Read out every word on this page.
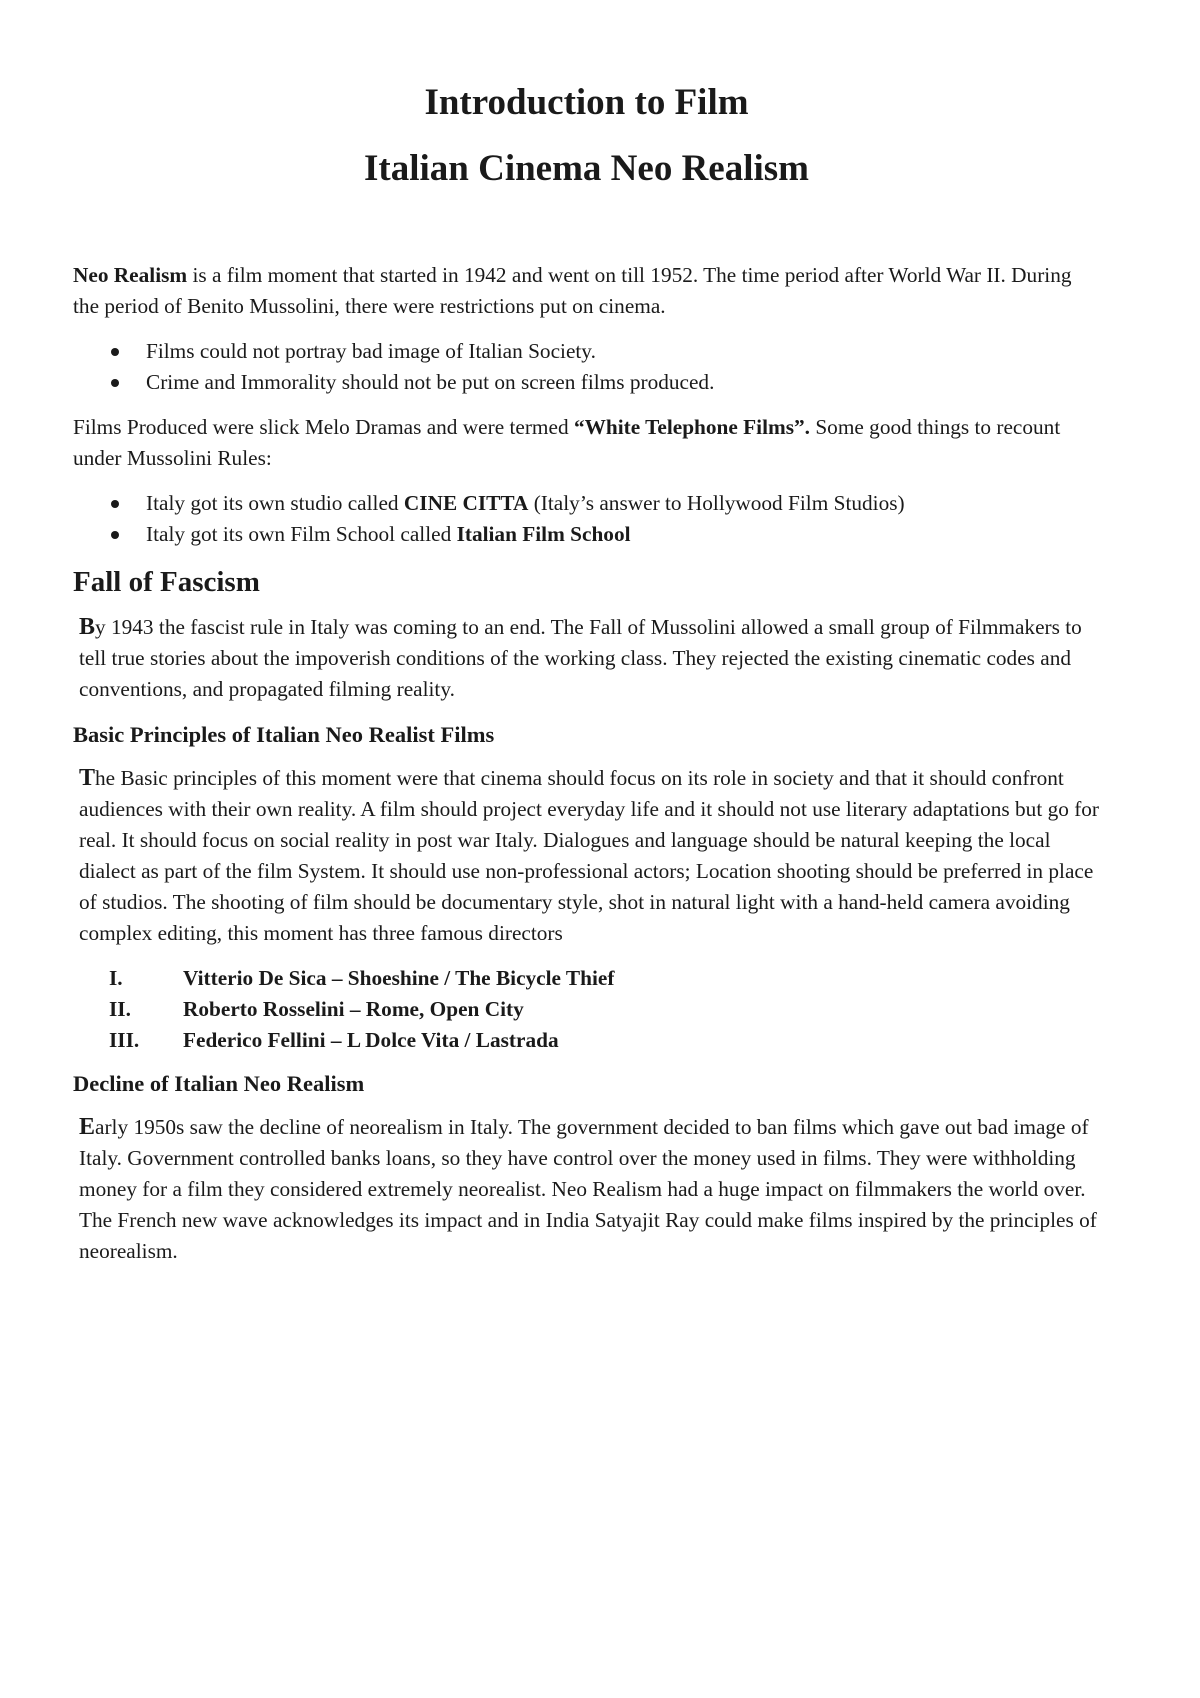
Introduction to Film
Italian Cinema Neo Realism

Neo Realism is a film moment that started in 1942 and went on till 1952. The time period after World War II. During the period of Benito Mussolini, there were restrictions put on cinema.

Films could not portray bad image of Italian Society.
Crime and Immorality should not be put on screen films produced.

Films Produced were slick Melo Dramas and were termed “White Telephone Films”. Some good things to recount under Mussolini Rules:

Italy got its own studio called CINE CITTA (Italy’s answer to Hollywood Film Studios)
Italy got its own Film School called Italian Film School
Fall of Fascism

By 1943 the fascist rule in Italy was coming to an end. The Fall of Mussolini allowed a small group of Filmmakers to tell true stories about the impoverish conditions of the working class. They rejected the existing cinematic codes and conventions, and propagated filming reality.

Basic Principles of Italian Neo Realist Films

The Basic principles of this moment were that cinema should focus on its role in society and that it should confront audiences with their own reality. A film should project everyday life and it should not use literary adaptations but go for real. It should focus on social reality in post war Italy. Dialogues and language should be natural keeping the local dialect as part of the film System. It should use non-professional actors; Location shooting should be preferred in place of studios. The shooting of film should be documentary style, shot in natural light with a hand-held camera avoiding complex editing, this moment has three famous directors

I.	Vitterio De Sica – Shoeshine / The Bicycle Thief
II.	Roberto Rosselini – Rome, Open City
III.	Federico Fellini – L Dolce Vita / Lastrada
Decline of Italian Neo Realism

Early 1950s saw the decline of neorealism in Italy. The government decided to ban films which gave out bad image of Italy. Government controlled banks loans, so they have control over the money used in films. They were withholding money for a film they considered extremely neorealist. Neo Realism had a huge impact on filmmakers the world over. The French new wave acknowledges its impact and in India Satyajit Ray could make films inspired by the principles of neorealism.
